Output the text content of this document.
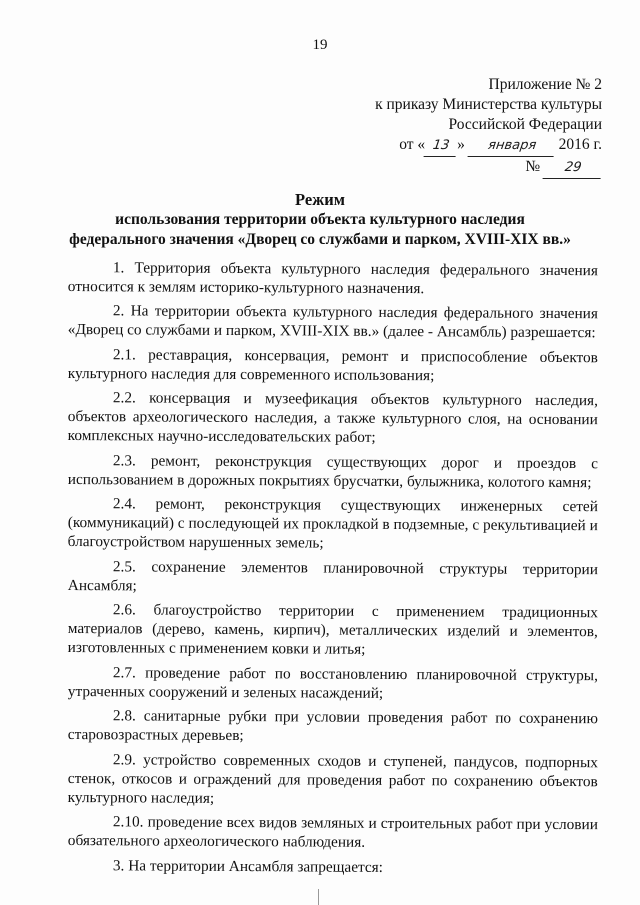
19
Приложение № 2
к приказу Министерства культуры
Российской Федерации
от « 13 » января 2016 г.
№ 29
Режим
использования территории объекта культурного наследия
федерального значения «Дворец со службами и парком, XVIII-XIX вв.»

1. Территория объекта культурного наследия федерального значения относится к землям историко-культурного назначения.

2. На территории объекта культурного наследия федерального значения «Дворец со службами и парком, XVIII-XIX вв.» (далее - Ансамбль) разрешается:

2.1. реставрация, консервация, ремонт и приспособление объектов культурного наследия для современного использования;

2.2. консервация и музеефикация объектов культурного наследия, объектов археологического наследия, а также культурного слоя, на основании комплексных научно-исследовательских работ;

2.3. ремонт, реконструкция существующих дорог и проездов с использованием в дорожных покрытиях брусчатки, булыжника, колотого камня;

2.4. ремонт, реконструкция существующих инженерных сетей (коммуникаций) с последующей их прокладкой в подземные, с рекультивацией и благоустройством нарушенных земель;

2.5. сохранение элементов планировочной структуры территории Ансамбля;

2.6. благоустройство территории с применением традиционных материалов (дерево, камень, кирпич), металлических изделий и элементов, изготовленных с применением ковки и литья;

2.7. проведение работ по восстановлению планировочной структуры, утраченных сооружений и зеленых насаждений;

2.8. санитарные рубки при условии проведения работ по сохранению старовозрастных деревьев;

2.9. устройство современных сходов и ступеней, пандусов, подпорных стенок, откосов и ограждений для проведения работ по сохранению объектов культурного наследия;

2.10. проведение всех видов земляных и строительных работ при условии обязательного археологического наблюдения.

3. На территории Ансамбля запрещается:
